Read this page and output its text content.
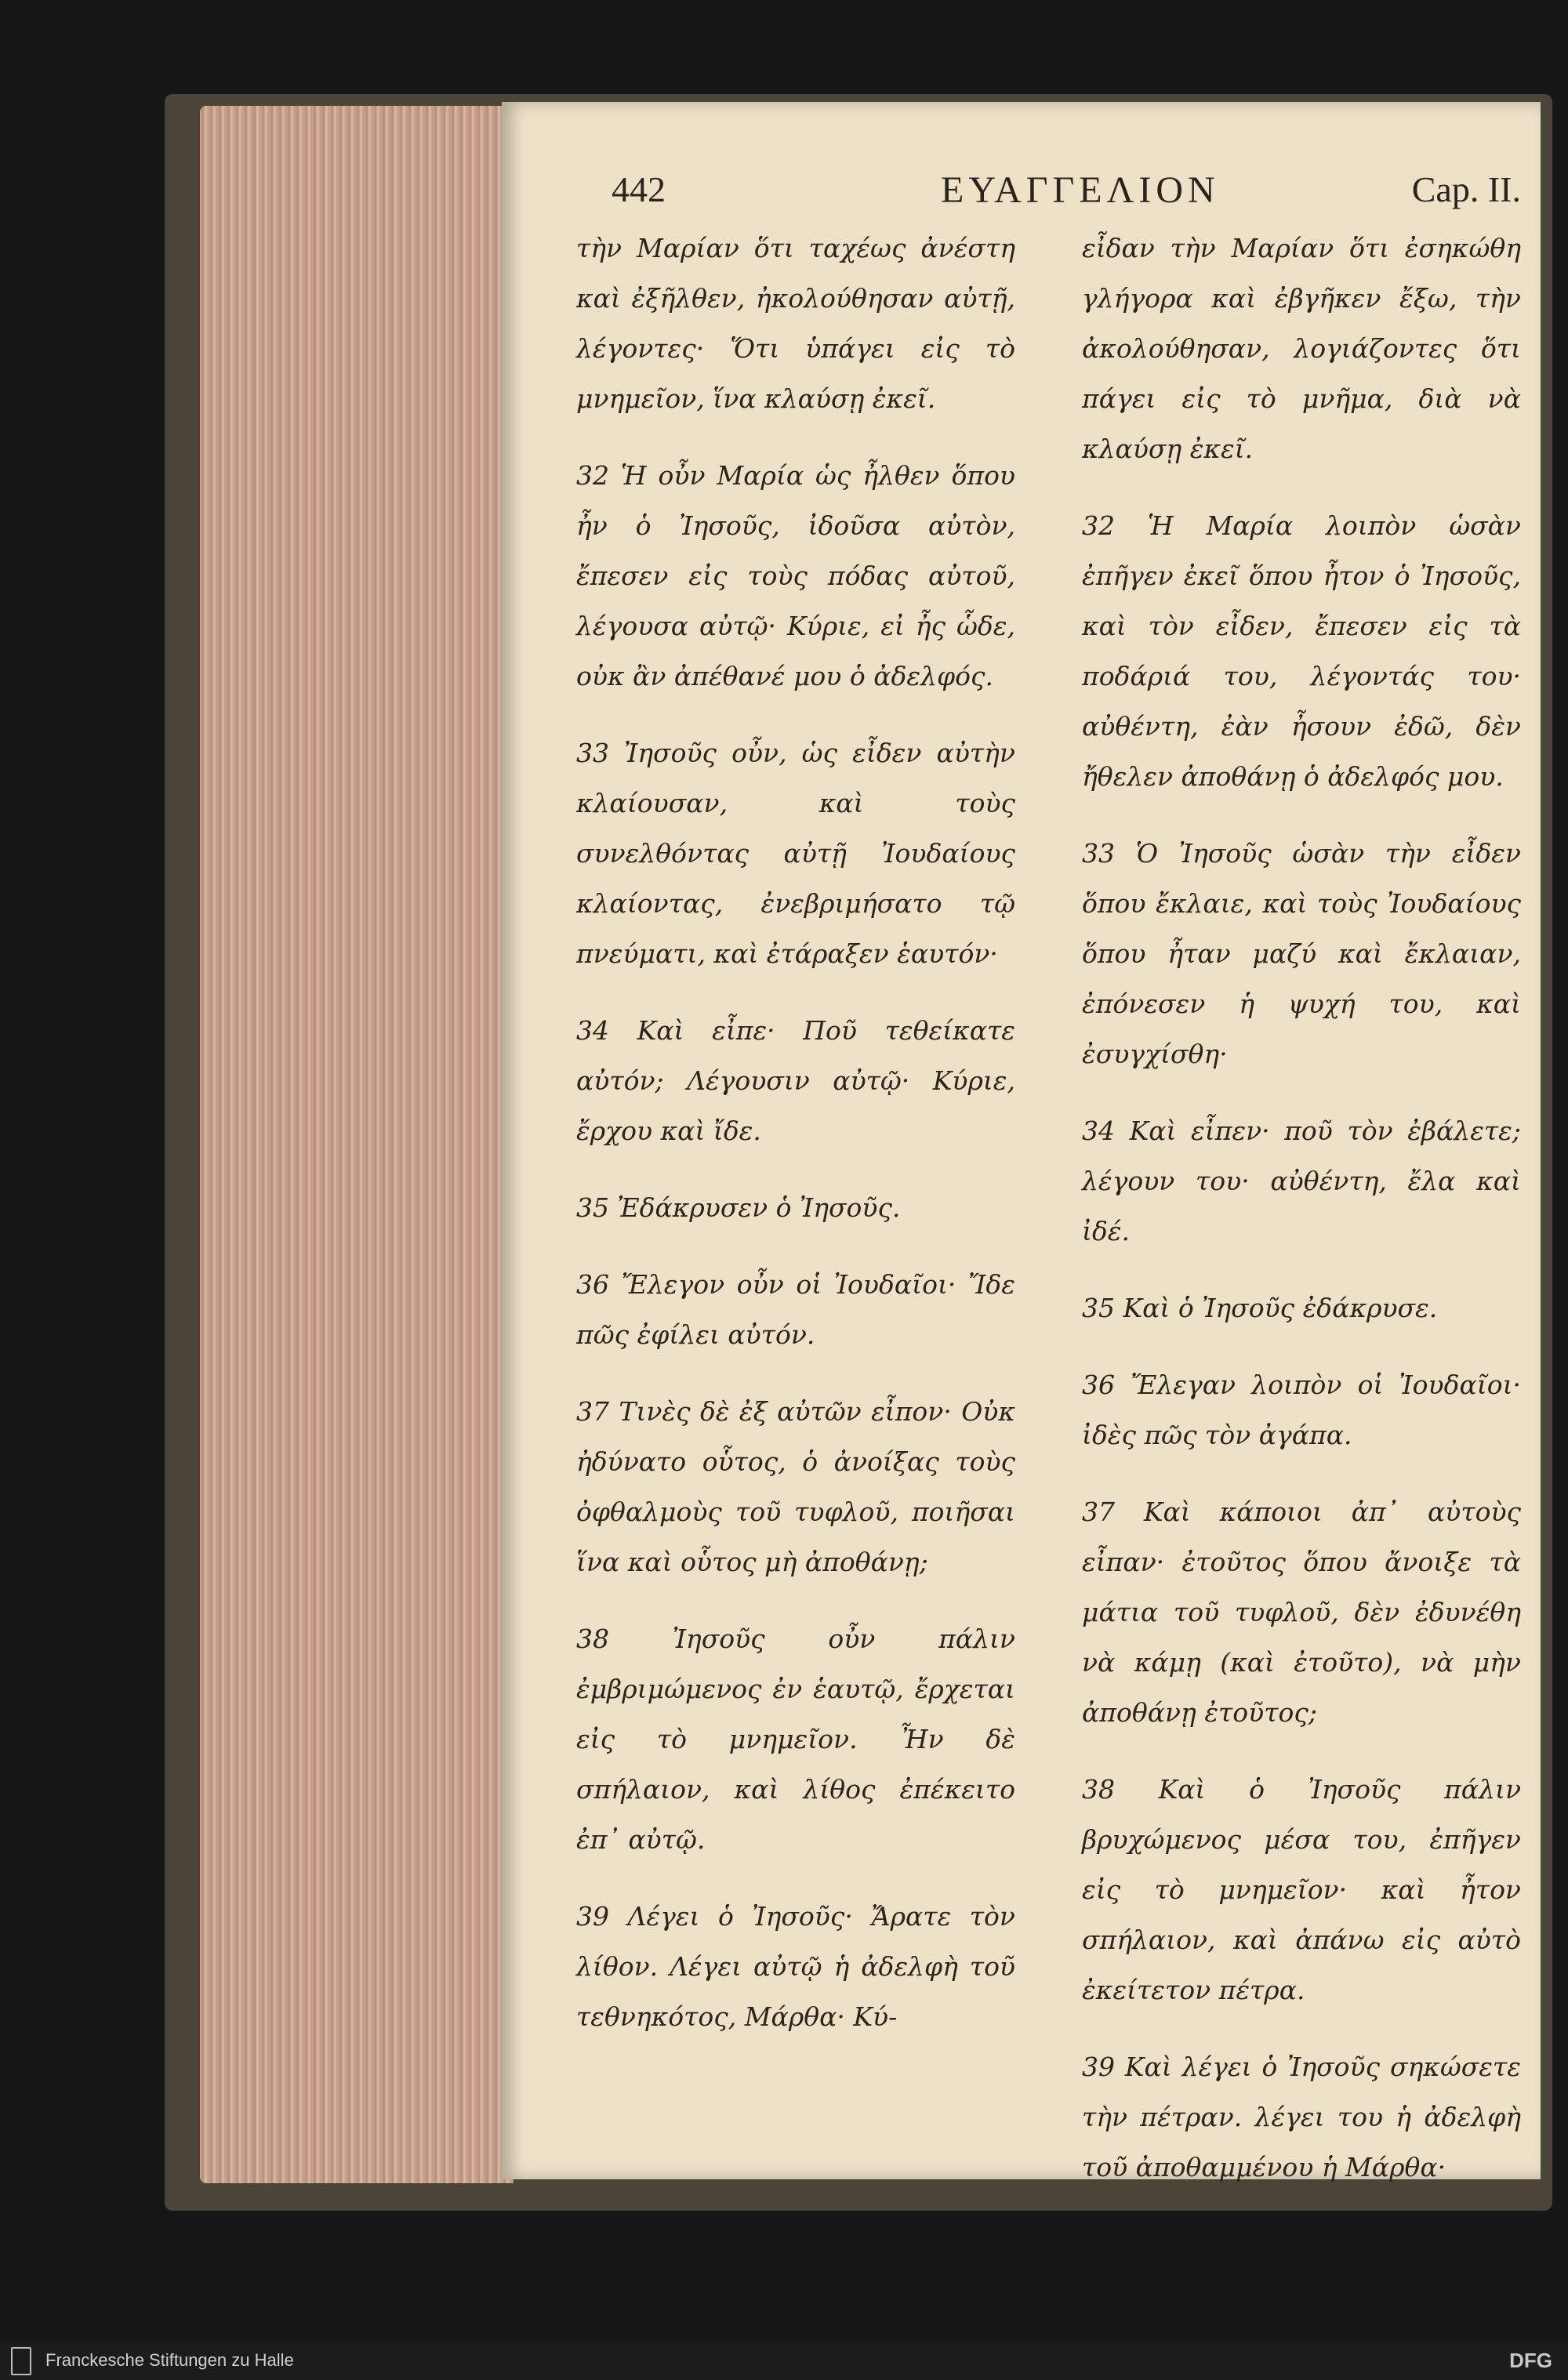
442	ΕΥΑΓΓΕΛΙΟΝ	Cap. II.

τὴν Μαρίαν ὅτι ταχέως ἀνέστη καὶ ἐξῆλθεν, ἠκολούθησαν αὐτῇ, λέγοντες· Ὅτι ὑπάγει εἰς τὸ μνημεῖον, ἵνα κλαύσῃ ἐκεῖ.

32 Ἡ οὖν Μαρία ὡς ἦλθεν ὅπου ἦν ὁ Ἰησοῦς, ἰδοῦσα αὐτὸν, ἔπεσεν εἰς τοὺς πόδας αὐτοῦ, λέγουσα αὐτῷ· Κύριε, εἰ ἦς ὧδε, οὐκ ἂν ἀπέθανέ μου ὁ ἀδελφός.

33 Ἰησοῦς οὖν, ὡς εἶδεν αὐτὴν κλαίουσαν, καὶ τοὺς συνελθόντας αὐτῇ Ἰουδαίους κλαίοντας, ἐνεβριμήσατο τῷ πνεύματι, καὶ ἐτάραξεν ἑαυτόν·

34 Καὶ εἶπε· Ποῦ τεθείκατε αὐτόν; Λέγουσιν αὐτῷ· Κύριε, ἔρχου καὶ ἴδε.

35 Ἐδάκρυσεν ὁ Ἰησοῦς.

36 Ἔλεγον οὖν οἱ Ἰουδαῖοι· Ἴδε πῶς ἐφίλει αὐτόν.

37 Τινὲς δὲ ἐξ αὐτῶν εἶπον· Οὐκ ἠδύνατο οὗτος, ὁ ἀνοίξας τοὺς ὀφθαλμοὺς τοῦ τυφλοῦ, ποιῆσαι ἵνα καὶ οὗτος μὴ ἀποθάνῃ;

38 Ἰησοῦς οὖν πάλιν ἐμβριμώμενος ἐν ἑαυτῷ, ἔρχεται εἰς τὸ μνημεῖον. Ἦν δὲ σπήλαιον, καὶ λίθος ἐπέκειτο ἐπ᾽ αὐτῷ.

39 Λέγει ὁ Ἰησοῦς· Ἄρατε τὸν λίθον. Λέγει αὐτῷ ἡ ἀδελφὴ τοῦ τεθνηκότος, Μάρθα· Κύ-

εἶδαν τὴν Μαρίαν ὅτι ἐσηκώθη γλήγορα καὶ ἐβγῆκεν ἔξω, τὴν ἀκολούθησαν, λογιάζοντες ὅτι πάγει εἰς τὸ μνῆμα, διὰ νὰ κλαύσῃ ἐκεῖ.

32 Ἡ Μαρία λοιπὸν ὡσὰν ἐπῆγεν ἐκεῖ ὅπου ἦτον ὁ Ἰησοῦς, καὶ τὸν εἶδεν, ἔπεσεν εἰς τὰ ποδάριά του, λέγοντάς του· αὐθέντη, ἐὰν ἦσουν ἐδῶ, δὲν ἤθελεν ἀποθάνῃ ὁ ἀδελφός μου.

33 Ὁ Ἰησοῦς ὡσὰν τὴν εἶδεν ὅπου ἔκλαιε, καὶ τοὺς Ἰουδαίους ὅπου ἦταν μαζύ καὶ ἔκλαιαν, ἐπόνεσεν ἡ ψυχή του, καὶ ἐσυγχίσθη·

34 Καὶ εἶπεν· ποῦ τὸν ἐβάλετε; λέγουν του· αὐθέντη, ἔλα καὶ ἰδέ.

35 Καὶ ὁ Ἰησοῦς ἐδάκρυσε.

36 Ἔλεγαν λοιπὸν οἱ Ἰουδαῖοι· ἰδὲς πῶς τὸν ἀγάπα.

37 Καὶ κάποιοι ἀπ᾽ αὐτοὺς εἶπαν· ἐτοῦτος ὅπου ἄνοιξε τὰ μάτια τοῦ τυφλοῦ, δὲν ἐδυνέθη νὰ κάμῃ (καὶ ἐτοῦτο), νὰ μὴν ἀποθάνῃ ἐτοῦτος;

38 Καὶ ὁ Ἰησοῦς πάλιν βρυχώμενος μέσα του, ἐπῆγεν εἰς τὸ μνημεῖον· καὶ ἦτον σπήλαιον, καὶ ἀπάνω εἰς αὐτὸ ἐκείτετον πέτρα.

39 Καὶ λέγει ὁ Ἰησοῦς σηκώσετε τὴν πέτραν. λέγει του ἡ ἀδελφὴ τοῦ ἀποθαμμένου ἡ Μάρθα·

Franckesche Stiftungen zu Halle	DFG
